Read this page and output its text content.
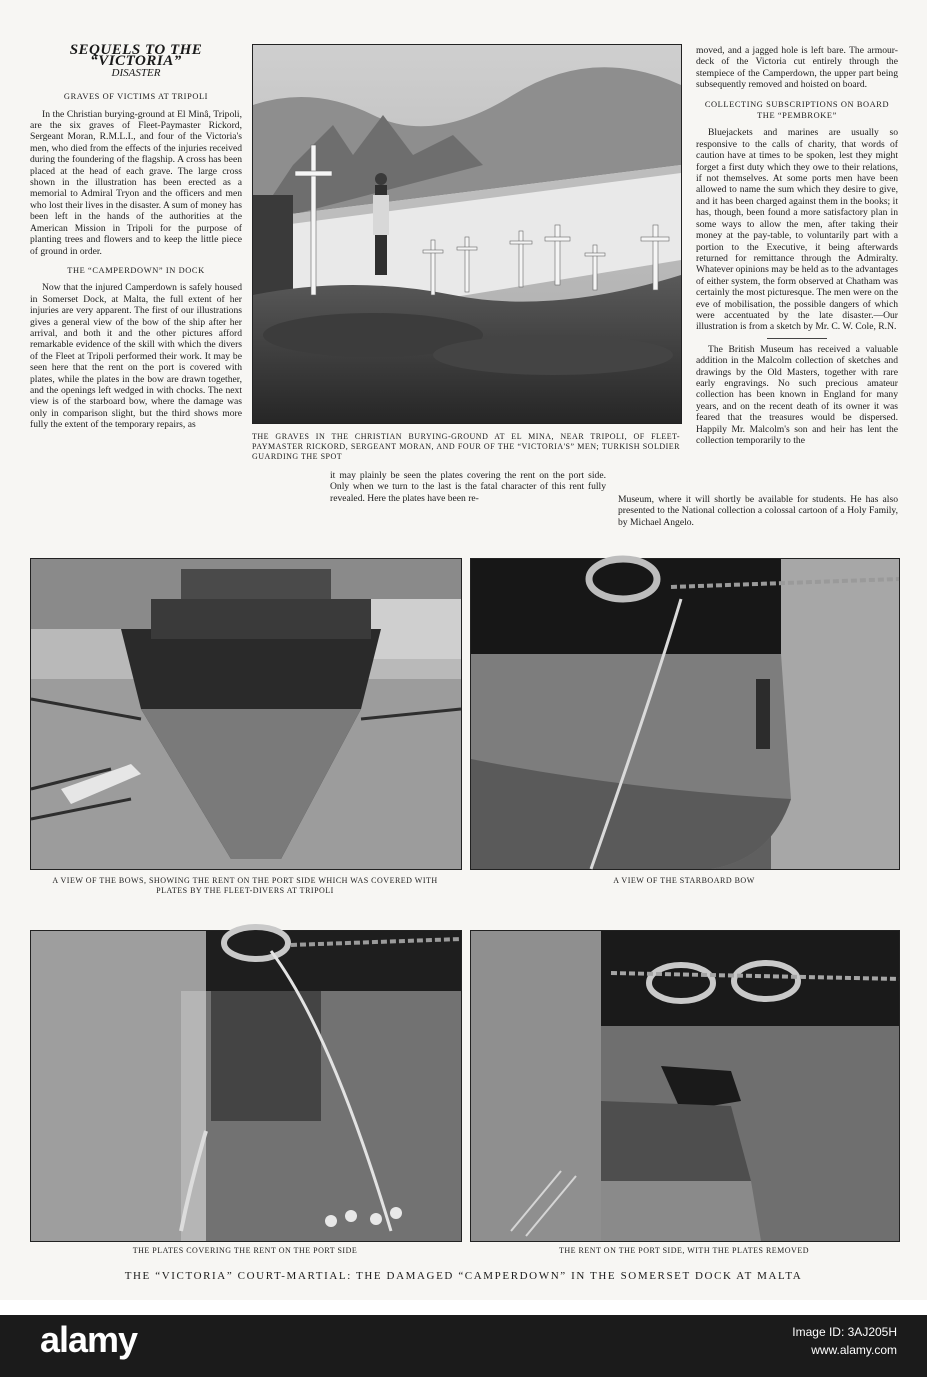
SEQUELS TO THE “VICTORIA”
DISASTER
GRAVES OF VICTIMS AT TRIPOLI

In the Christian burying-ground at El Minâ, Tripoli, are the six graves of Fleet-Paymaster Rickord, Sergeant Moran, R.M.L.I., and four of the Victoria's men, who died from the effects of the injuries received during the foundering of the flagship. A cross has been placed at the head of each grave. The large cross shown in the illustration has been erected as a memorial to Admiral Tryon and the officers and men who lost their lives in the disaster. A sum of money has been left in the hands of the authorities at the American Mission in Tripoli for the purpose of planting trees and flowers and to keep the little piece of ground in order.

THE “CAMPERDOWN” IN DOCK

Now that the injured Camperdown is safely housed in Somerset Dock, at Malta, the full extent of her injuries are very apparent. The first of our illustrations gives a general view of the bow of the ship after her arrival, and both it and the other pictures afford remarkable evidence of the skill with which the divers of the Fleet at Tripoli performed their work. It may be seen here that the rent on the port is covered with plates, while the plates in the bow are drawn together, and the openings left wedged in with chocks. The next view is of the starboard bow, where the damage was only in comparison slight, but the third shows more fully the extent of the temporary repairs, as

THE GRAVES IN THE CHRISTIAN BURYING-GROUND AT EL MINA, NEAR TRIPOLI, OF FLEET-PAYMASTER RICKORD, SERGEANT MORAN, AND FOUR OF THE “VICTORIA'S” MEN; TURKISH SOLDIER GUARDING THE SPOT

it may plainly be seen the plates covering the rent on the port side. Only when we turn to the last is the fatal character of this rent fully revealed. Here the plates have been re-

moved, and a jagged hole is left bare. The armour-deck of the Victoria cut entirely through the stempiece of the Camperdown, the upper part being subsequently removed and hoisted on board.

COLLECTING SUBSCRIPTIONS ON BOARD THE “PEMBROKE”

Bluejackets and marines are usually so responsive to the calls of charity, that words of caution have at times to be spoken, lest they might forget a first duty which they owe to their relations, if not themselves. At some ports men have been allowed to name the sum which they desire to give, and it has been charged against them in the books; it has, though, been found a more satisfactory plan in some ways to allow the men, after taking their money at the pay-table, to voluntarily part with a portion to the Executive, it being afterwards returned for remittance through the Admiralty. Whatever opinions may be held as to the advantages of either system, the form observed at Chatham was certainly the most picturesque. The men were on the eve of mobilisation, the possible dangers of which were accentuated by the late disaster.—Our illustration is from a sketch by Mr. C. W. Cole, R.N.

The British Museum has received a valuable addition in the Malcolm collection of sketches and drawings by the Old Masters, together with rare early engravings. No such precious amateur collection has been known in England for many years, and on the recent death of its owner it was feared that the treasures would be dispersed. Happily Mr. Malcolm's son and heir has lent the collection temporarily to the

Museum, where it will shortly be available for students. He has also presented to the National collection a colossal cartoon of a Holy Family, by Michael Angelo.

A VIEW OF THE BOWS, SHOWING THE RENT ON THE PORT SIDE WHICH WAS COVERED WITH PLATES BY THE FLEET-DIVERS AT TRIPOLI
A VIEW OF THE STARBOARD BOW
THE PLATES COVERING THE RENT ON THE PORT SIDE	THE RENT ON THE PORT SIDE, WITH THE PLATES REMOVED
THE “VICTORIA” COURT-MARTIAL: THE DAMAGED “CAMPERDOWN” IN THE SOMERSET DOCK AT MALTA
alamy	Image ID: 3AJ205H
www.alamy.com
